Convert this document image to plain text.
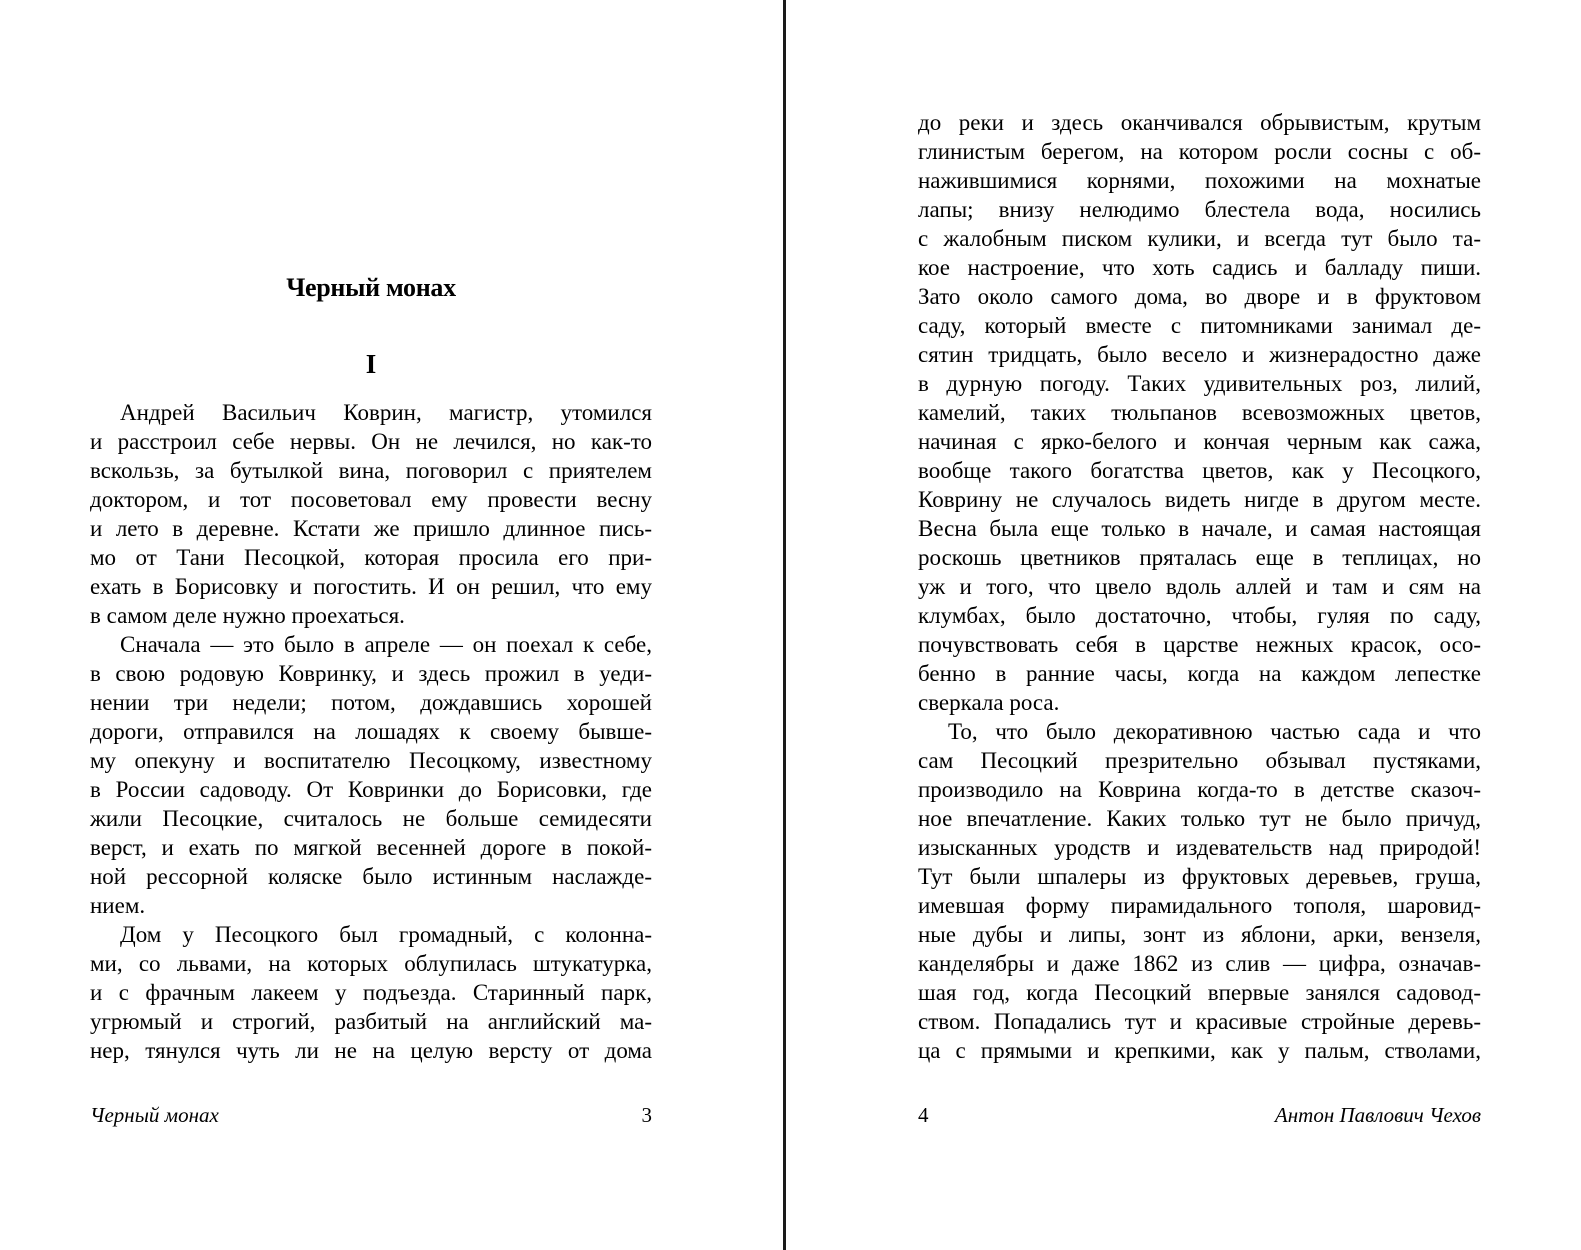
Черный монах
I
Андрей Васильич Коврин, магистр, утомился
и расстроил себе нервы. Он не лечился, но как-то
вскользь, за бутылкой вина, поговорил с приятелем
доктором, и тот посоветовал ему провести весну
и лето в деревне. Кстати же пришло длинное пись-
мо от Тани Песоцкой, которая просила его при-
ехать в Борисовку и погостить. И он решил, что ему
в самом деле нужно проехаться.
Сначала — это было в апреле — он поехал к себе,
в свою родовую Ковринку, и здесь прожил в уеди-
нении три недели; потом, дождавшись хорошей
дороги, отправился на лошадях к своему бывше-
му опекуну и воспитателю Песоцкому, известному
в России садоводу. От Ковринки до Борисовки, где
жили Песоцкие, считалось не больше семидесяти
верст, и ехать по мягкой весенней дороге в покой-
ной рессорной коляске было истинным наслажде-
нием.
Дом у Песоцкого был громадный, с колонна-
ми, со львами, на которых облупилась штукатурка,
и с фрачным лакеем у подъезда. Старинный парк,
угрюмый и строгий, разбитый на английский ма-
нер, тянулся чуть ли не на целую версту от дома
Черный монах	3
до реки и здесь оканчивался обрывистым, крутым
глинистым берегом, на котором росли сосны с об-
нажившимися корнями, похожими на мохнатые
лапы; внизу нелюдимо блестела вода, носились
с жалобным писком кулики, и всегда тут было та-
кое настроение, что хоть садись и балладу пиши.
Зато около самого дома, во дворе и в фруктовом
саду, который вместе с питомниками занимал де-
сятин тридцать, было весело и жизнерадостно даже
в дурную погоду. Таких удивительных роз, лилий,
камелий, таких тюльпанов всевозможных цветов,
начиная с ярко-белого и кончая черным как сажа,
вообще такого богатства цветов, как у Песоцкого,
Коврину не случалось видеть нигде в другом месте.
Весна была еще только в начале, и самая настоящая
роскошь цветников пряталась еще в теплицах, но
уж и того, что цвело вдоль аллей и там и сям на
клумбах, было достаточно, чтобы, гуляя по саду,
почувствовать себя в царстве нежных красок, осо-
бенно в ранние часы, когда на каждом лепестке
сверкала роса.
То, что было декоративною частью сада и что
сам Песоцкий презрительно обзывал пустяками,
производило на Коврина когда-то в детстве сказоч-
ное впечатление. Каких только тут не было причуд,
изысканных уродств и издевательств над природой!
Тут были шпалеры из фруктовых деревьев, груша,
имевшая форму пирамидального тополя, шаровид-
ные дубы и липы, зонт из яблони, арки, вензеля,
канделябры и даже 1862 из слив — цифра, означав-
шая год, когда Песоцкий впервые занялся садовод-
ством. Попадались тут и красивые стройные деревь-
ца с прямыми и крепкими, как у пальм, стволами,
4	Антон Павлович Чехов
